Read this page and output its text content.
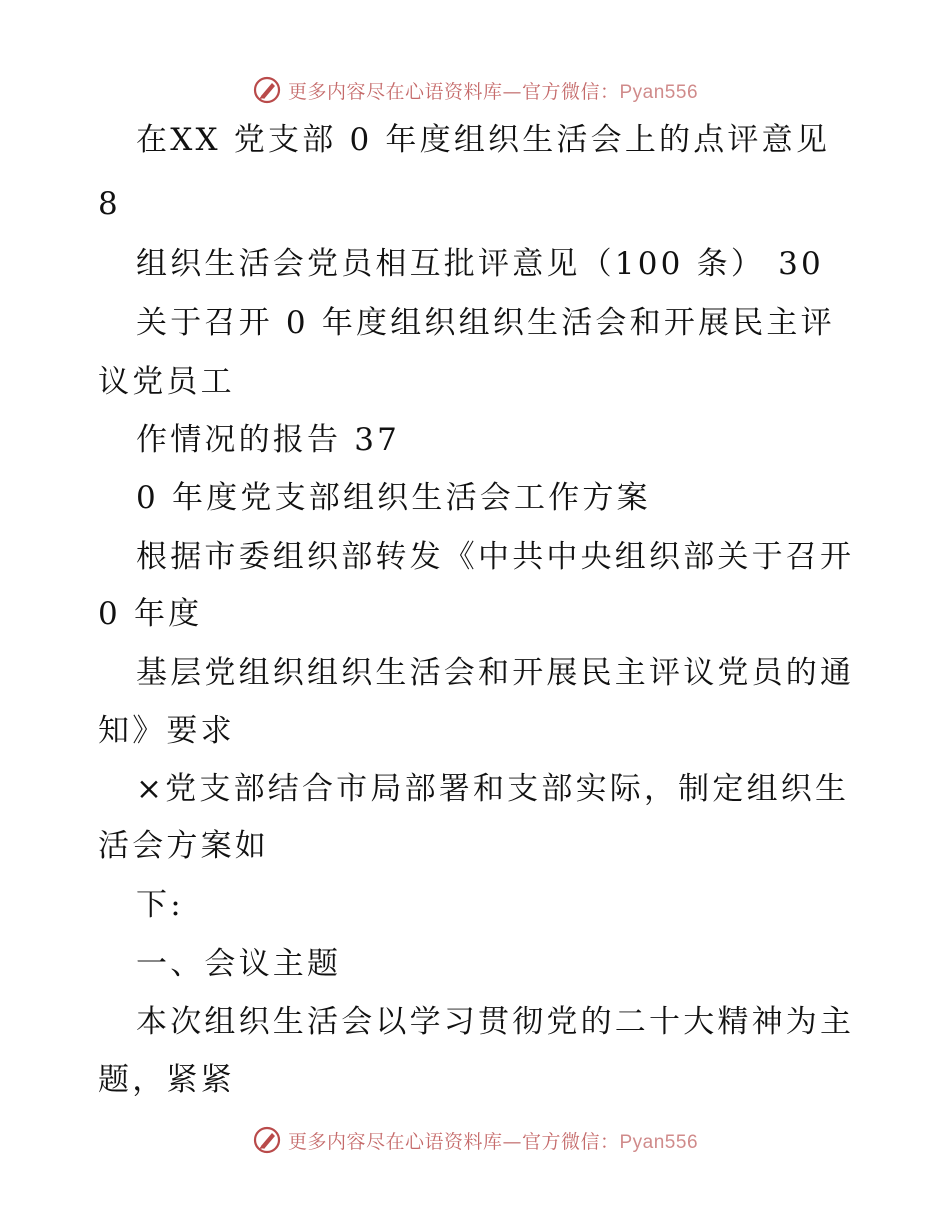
更多内容尽在心语资料库—官方微信：Pyan556
在XX 党支部 0 年度组织生活会上的点评意见
8
组织生活会党员相互批评意见（100 条） 30
关于召开 0 年度组织组织生活会和开展民主评
议党员工
作情况的报告 37
0 年度党支部组织生活会工作方案
根据市委组织部转发《中共中央组织部关于召开
0 年度
基层党组织组织生活会和开展民主评议党员的通
知》要求
×党支部结合市局部署和支部实际，制定组织生
活会方案如
下:
一、会议主题
本次组织生活会以学习贯彻党的二十大精神为主
题，紧紧
更多内容尽在心语资料库—官方微信：Pyan556
